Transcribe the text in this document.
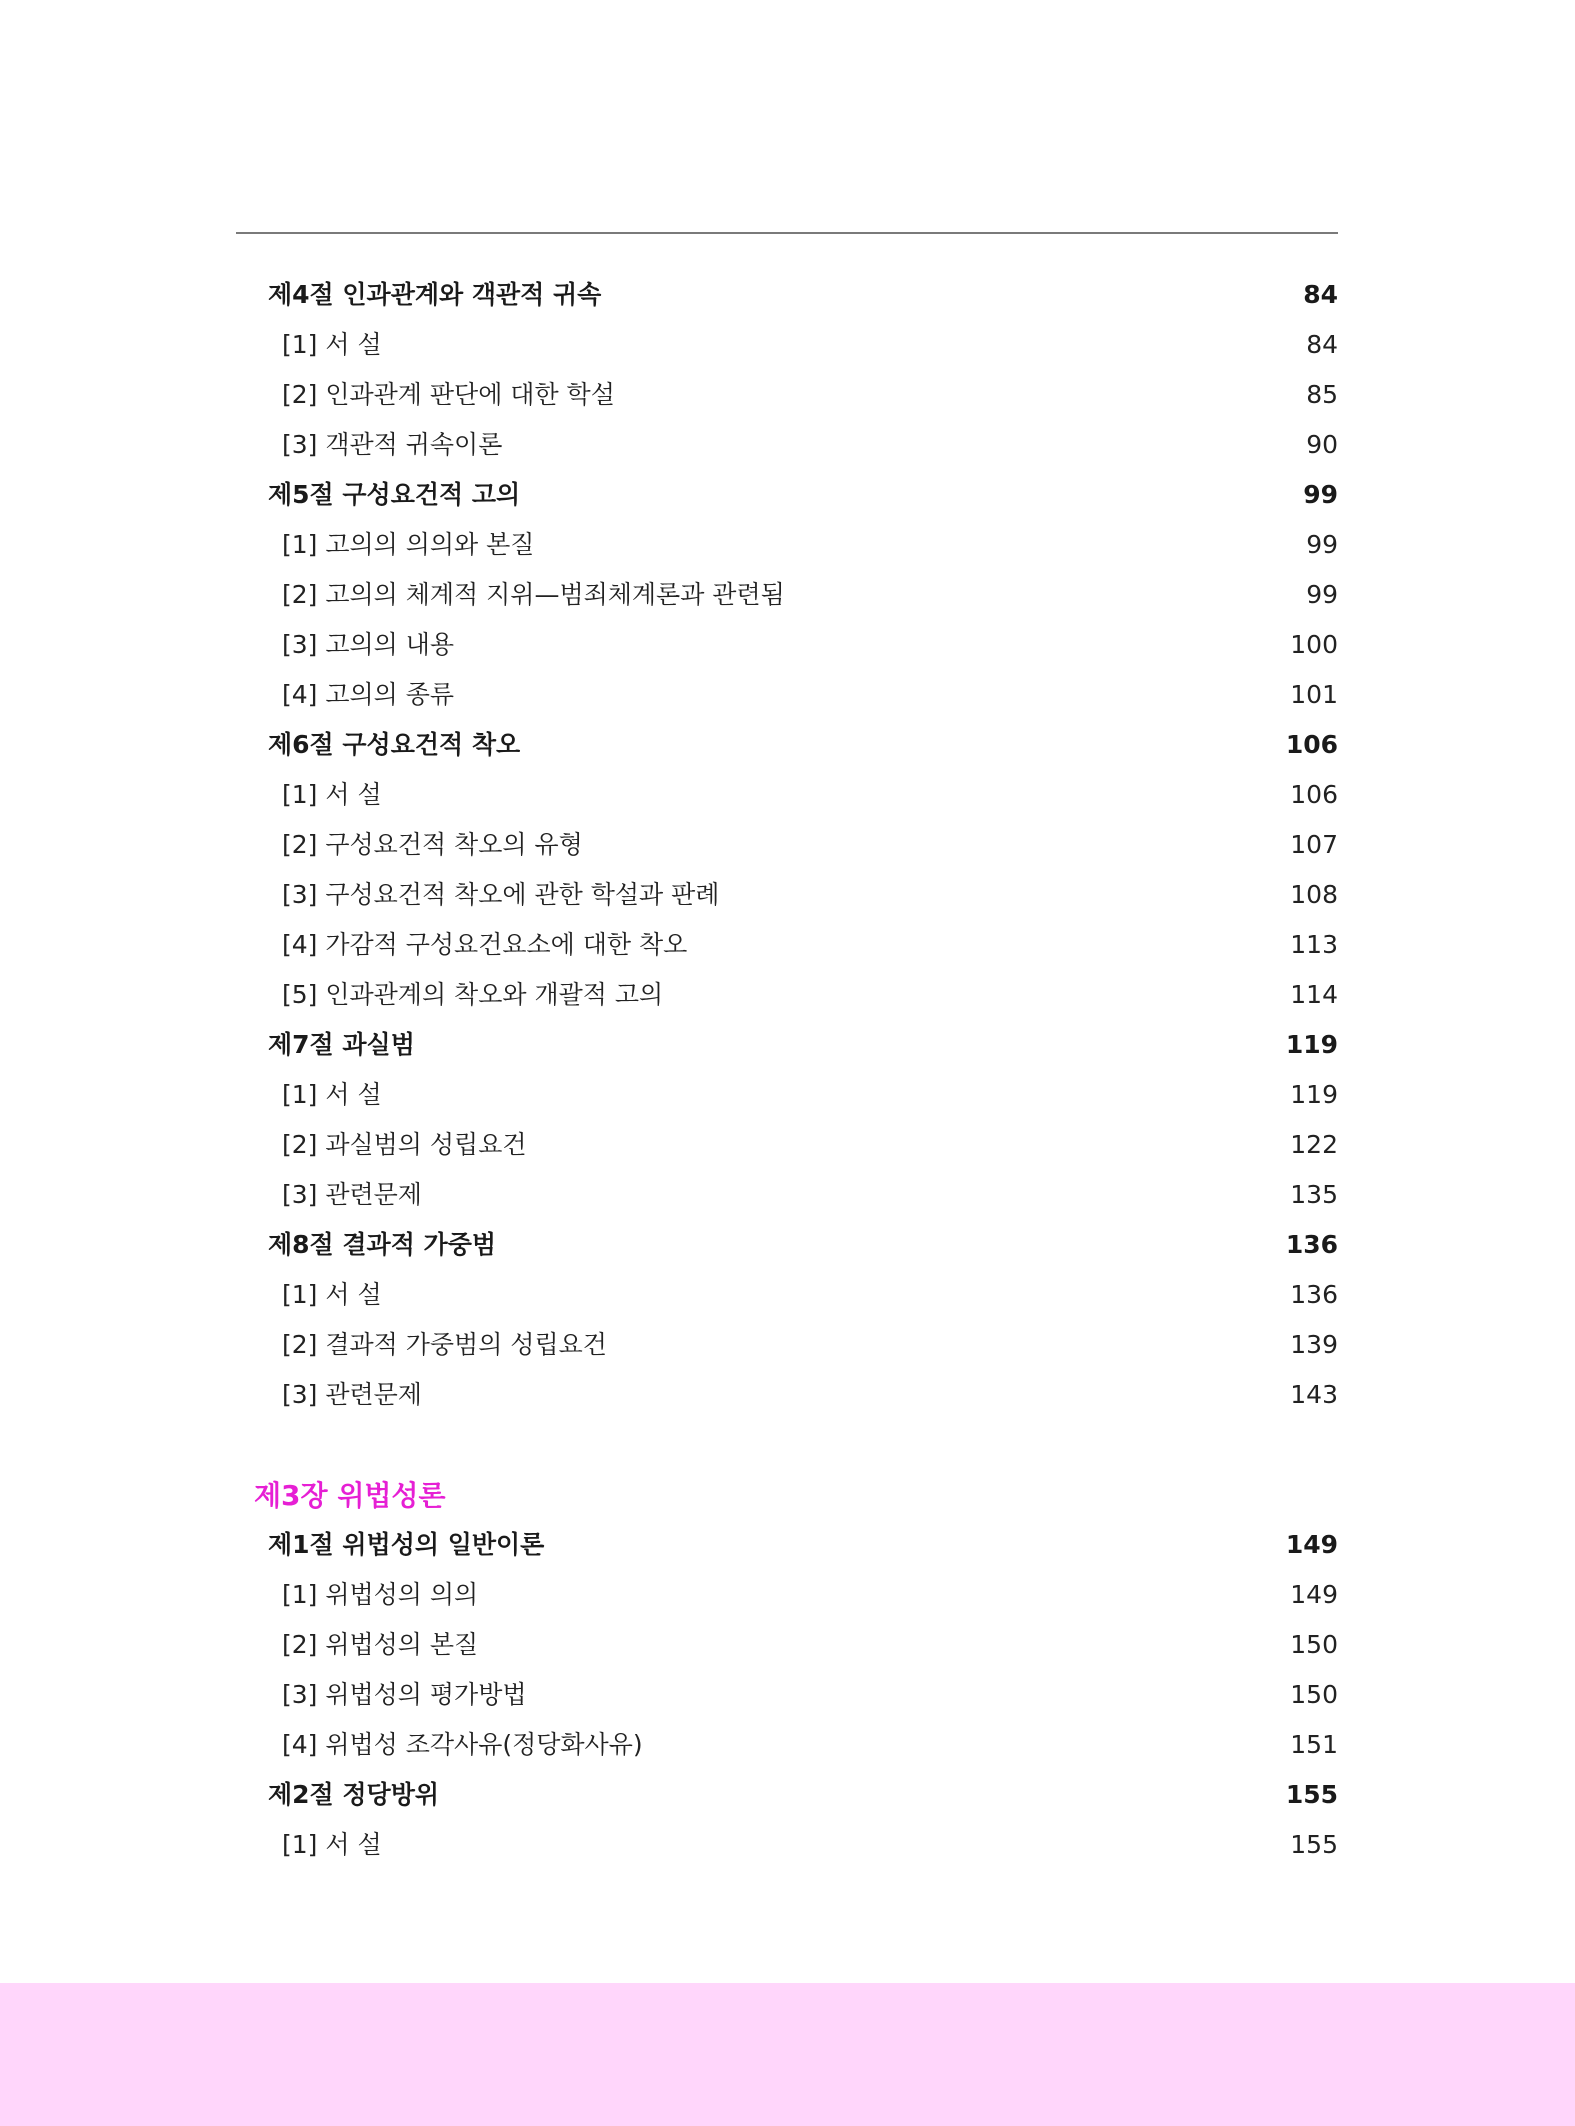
제4절 인과관계와 객관적 귀속	84
[1] 서 설	84
[2] 인과관계 판단에 대한 학설	85
[3] 객관적 귀속이론	90
제5절 구성요건적 고의	99
[1] 고의의 의의와 본질	99
[2] 고의의 체계적 지위—범죄체계론과 관련됨	99
[3] 고의의 내용	100
[4] 고의의 종류	101
제6절 구성요건적 착오	106
[1] 서 설	106
[2] 구성요건적 착오의 유형	107
[3] 구성요건적 착오에 관한 학설과 판례	108
[4] 가감적 구성요건요소에 대한 착오	113
[5] 인과관계의 착오와 개괄적 고의	114
제7절 과실범	119
[1] 서 설	119
[2] 과실범의 성립요건	122
[3] 관련문제	135
제8절 결과적 가중범	136
[1] 서 설	136
[2] 결과적 가중범의 성립요건	139
[3] 관련문제	143
제3장 위법성론
제1절 위법성의 일반이론	149
[1] 위법성의 의의	149
[2] 위법성의 본질	150
[3] 위법성의 평가방법	150
[4] 위법성 조각사유(정당화사유)	151
제2절 정당방위	155
[1] 서 설	155
